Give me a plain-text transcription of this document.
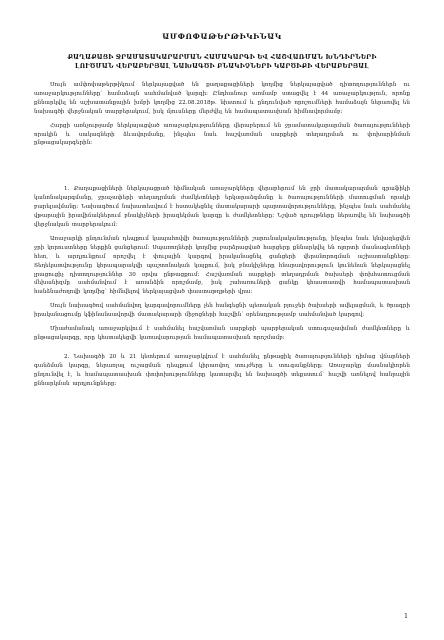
ԱՄՓՈՓԱԹԵՐԹԻԿԻՆԱԿ
ՔԱՂԱՔԱՑԻ ՋՐԱՄԱՏԱԿԱՐԱՐՄԱՆ ՀԱՄԱԿԱՐԳԻ ԵՎ ՀԱՇՎԱՌՄԱՆ ԽՆԴԻՐՆԵՐԻ ԼՈՒԾՄԱՆ ՎԵՐԱԲԵՐՅԱԼ ՆԱԽԱԳԾԻ ԲՆԱԿԻՉՆԵՐԻ ԿԱՐԾԻՔԻ ՎԵՐԱԲԵՐՅԱԼ

Սույն ամփոփաթերթիկում ներկայացված են քաղաքացիների կողմից ներկայացված դիտողություններն ու առաջարկությունները՝ համաձայն սահմանված կարգի: Ընդհանուր առմամբ ստացվել է 44 առաջարկություն, որոնք քննարկվել են աշխատանքային խմբի կողմից 22.08.2018թ. նիստում և ընդունված որոշումների համաձայն ներառվել են նախագծի վերջնական տարբերակում, իսկ մյուսները մերժվել են համապատասխան հիմնավորմամբ:

Հարցի առնչությամբ ներկայացված առաջարկությունները վերաբերում են ջրամատակարարման ծառայությունների որակին և սակագների ձևավորմանը, ինչպես նաև հաշվառման սարքերի տեղադրման ու փոխարինման ընթացակարգերին:

1. Քաղաքացիների ներկայացրած հիմնական առաջարկները վերաբերում են ջրի մատակարարման գրաֆիկի կանոնակարգմանը, ջրաչափերի տեղադրման ժամկետների երկարաձգմանը և ծառայությունների մատուցման որակի բարելավմանը: Նախագծում նախատեսվում է հստակեցնել մատակարարի պարտավորությունները, ինչպես նաև սահմանել վթարային իրավիճակներում բնակիչների իրազեկման կարգը և ժամկետները: Նշված դրույթները ներառվել են նախագծի վերջնական տարբերակում:

Առաջարկի ընդունման դեպքում կապահովվի ծառայությունների շարունակականությունը, ինչպես նաև կնվազեցվեն ջրի կորուստները ներքին ցանցերում: Սպառողների կողմից բարձրացված հարցերը քննարկվել են ոլորտի մասնագետների հետ, և արդյունքում որոշվել է փուլային կարգով իրականացնել ցանցերի վերանորոգման աշխատանքները: Տեղեկատվությունը կհրապարակվի պաշտոնական կայքում, իսկ բնակիչները հնարավորություն կունենան ներկայացնել լրացուցիչ դիտողություններ 30 օրվա ընթացքում: Հաշվառման սարքերի տեղադրման ծախսերի փոխհատուցման մեխանիզմը սահմանվում է առանձին որոշմամբ, իսկ շահառուների ցանկը կհաստատվի համապատասխան հանձնաժողովի կողմից՝ հիմնվելով ներկայացված փաստաթղթերի վրա:

Սույն նախագծով սահմանվող կարգավորումները չեն հանգեցնի պետական բյուջեի ծախսերի ավելացման, և ծրագրի իրականացումը կֆինանսավորվի մատակարարի միջոցների հաշվին՝ օրենսդրությամբ սահմանված կարգով:

Միաժամանակ առաջարկվում է սահմանել հաշվառման սարքերի պարբերական ստուգաչափման ժամկետները և ընթացակարգը, որը կհստակեցվի կառավարության համապատասխան որոշմամբ:

2. Նախագծի 20 և 21 կետերում առաջարկվում է սահմանել ընթացիկ ծառայությունների դիմաց վճարների գանձման կարգը, ներառյալ ուշացման դեպքում կիրառվող տույժերը և տուգանքները: Առաջարկը մասնակիորեն ընդունվել է, և համապատասխան փոփոխությունները կատարվել են նախագծի տեքստում՝ հաշվի առնելով հանրային քննարկման արդյունքները:

1
